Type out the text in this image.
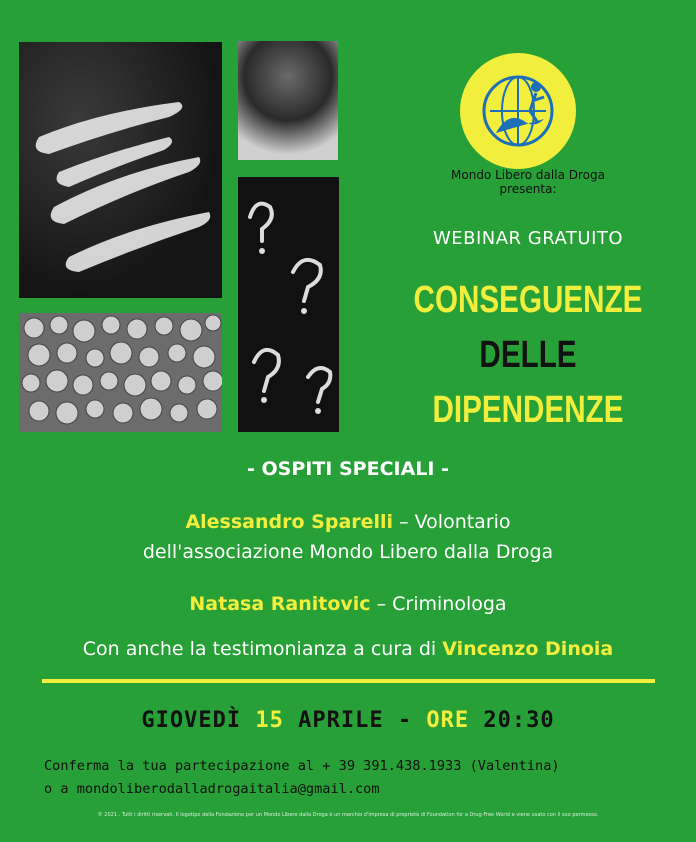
Mondo Libero dalla Droga
presenta:
WEBINAR GRATUITO
CONSEGUENZE
DELLE
DIPENDENZE
- OSPITI SPECIALI -
Alessandro Sparelli – Volontario
dell'associazione Mondo Libero dalla Droga
Natasa Ranitovic – Criminologa
Con anche la testimonianza a cura di Vincenzo Dinoia
GIOVEDÌ 15 APRILE - ORE 20:30
Conferma la tua partecipazione al + 39 391.438.1933 (Valentina)
o a mondoliberodalladrogaitalia@gmail.com
© 2021 . Tutti i diritti riservati. Il logotipo della Fondazione per un Mondo Libero dalla Droga è un marchio d'impresa di proprietà di Foundation for a Drug-Free World e viene usato con il suo permesso.
